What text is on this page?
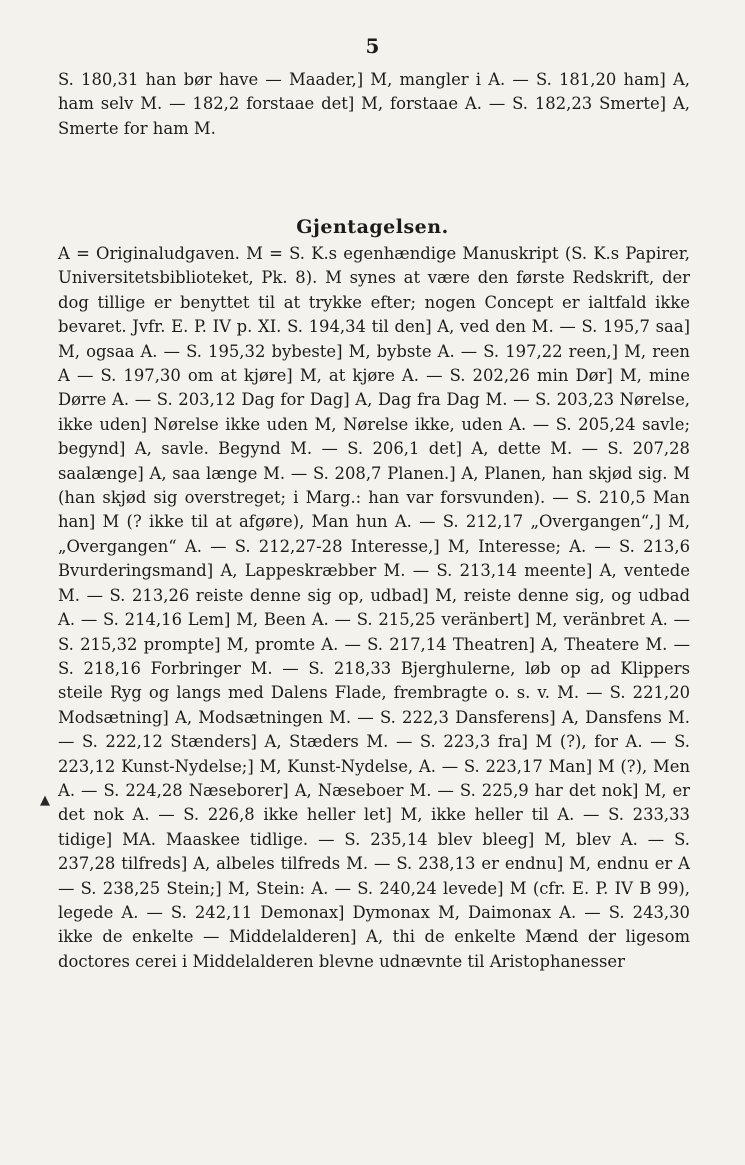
5

S. 180,31 han bør have — Maader,] M, mangler i A. — S. 181,20 ham] A, ham selv M. — 182,2 forstaae det] M, forstaae A. — S. 182,23 Smerte] A, Smerte for ham M.

Gjentagelsen.

A = Originaludgaven. M = S. K.s egenhændige Manuskript (S. K.s Papirer, Universitetsbiblioteket, Pk. 8). M synes at være den første Redskrift, der dog tillige er benyttet til at trykke efter; nogen Concept er ialtfald ikke bevaret. Jvfr. E. P. IV p. XI. S. 194,34 til den] A, ved den M. — S. 195,7 saa] M, ogsaa A. — S. 195,32 bybeste] M, bybste A. — S. 197,22 reen,] M, reen A — S. 197,30 om at kjøre] M, at kjøre A. — S. 202,26 min Dør] M, mine Dørre A. — S. 203,12 Dag for Dag] A, Dag fra Dag M. — S. 203,23 Nørelse, ikke uden] Nørelse ikke uden M, Nørelse ikke, uden A. — S. 205,24 savle; begynd] A, savle. Begynd M. — S. 206,1 det] A, dette M. — S. 207,28 saalænge] A, saa længe M. — S. 208,7 Planen.] A, Planen, han skjød sig. M (han skjød sig overstreget; i Marg.: han var forsvunden). — S. 210,5 Man han] M (? ikke til at afgøre), Man hun A. — S. 212,17 „Overgangen“,] M, „Overgangen“ A. — S. 212,27-28 Interesse,] M, Interesse; A. — S. 213,6 Bvurderingsmand] A, Lappeskræbber M. — S. 213,14 meente] A, ventede M. — S. 213,26 reiste denne sig op, udbad] M, reiste denne sig, og udbad A. — S. 214,16 Lem] M, Been A. — S. 215,25 veränbert] M, veränbret A. — S. 215,32 prompte] M, promte A. — S. 217,14 Theatren] A, Theatere M. — S. 218,16 Forbringer M. — S. 218,33 Bjerghulerne, løb op ad Klippers steile Ryg og langs med Dalens Flade, frembragte o. s. v. M. — S. 221,20 Modsætning] A, Modsætningen M. — S. 222,3 Dansferens] A, Dansfens M. — S. 222,12 Stænders] A, Stæders M. — S. 223,3 fra] M (?), for A. — S. 223,12 Kunst-Nydelse;] M, Kunst-Nydelse, A. — S. 223,17 Man] M (?), Men A. — S. 224,28 Næseborer] A, Næseboer M. — S. 225,9 har det nok] M, er det nok A. — S. 226,8 ikke heller let] M, ikke heller til A. — S. 233,33 tidige] MA. Maaskee tidlige. — S. 235,14 blev bleeg] M, blev A. — S. 237,28 tilfreds] A, albeles tilfreds M. — S. 238,13 er endnu] M, endnu er A — S. 238,25 Stein;] M, Stein: A. — S. 240,24 levede] M (cfr. E. P. IV B 99), legede A. — S. 242,11 Demonax] Dymonax M, Daimonax A. — S. 243,30 ikke de enkelte — Middelalderen] A, thi de enkelte Mænd der ligesom doctores cerei i Middelalderen blevne udnævnte til Aristophanesser

▲
